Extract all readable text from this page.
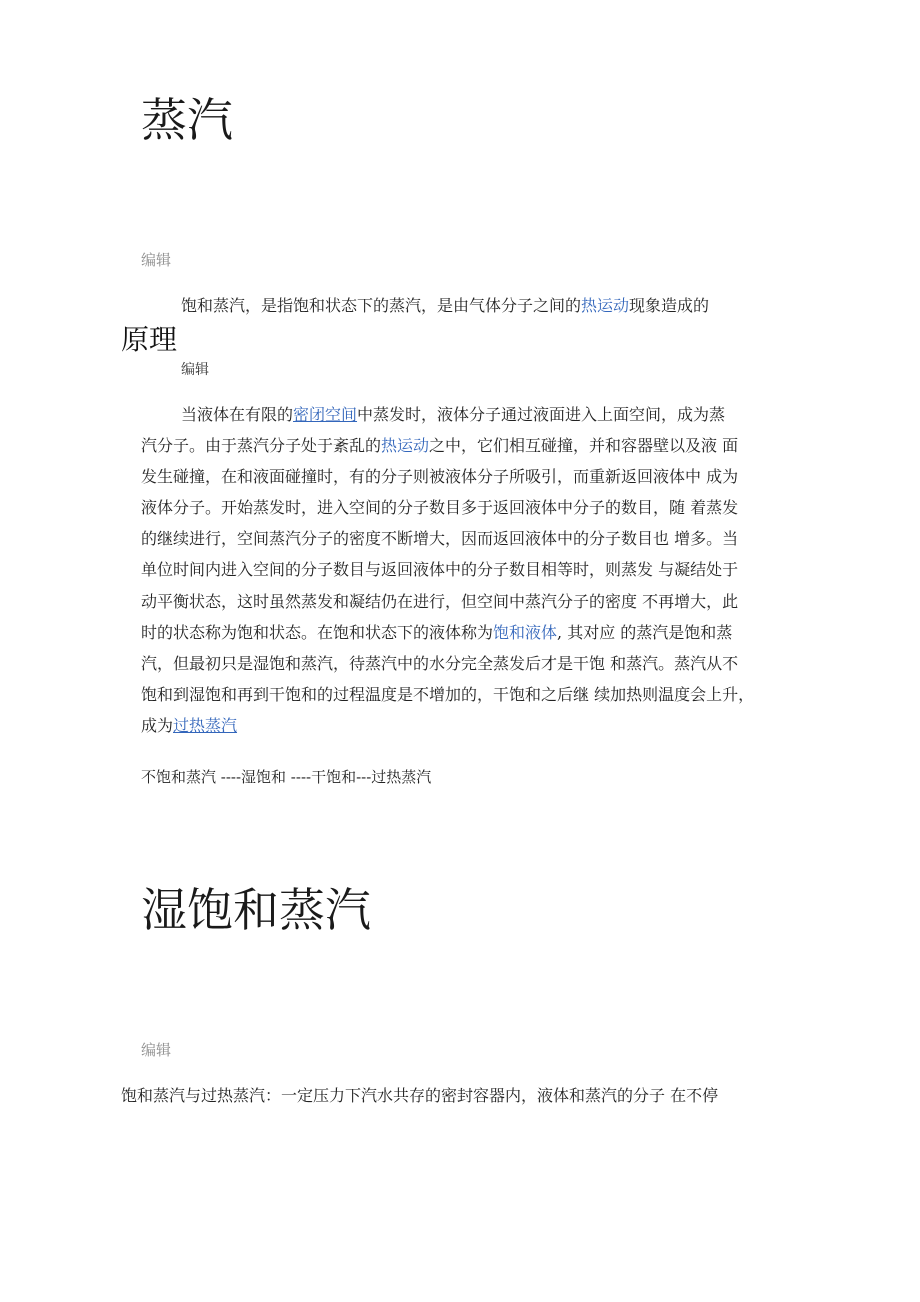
蒸汽
编辑
饱和蒸汽，是指饱和状态下的蒸汽，是由气体分子之间的热运动现象造成的
原理
编辑
当液体在有限的密闭空间中蒸发时，液体分子通过液面进入上面空间，成为蒸
汽分子。由于蒸汽分子处于紊乱的热运动之中，它们相互碰撞，并和容器壁以及液 面
发生碰撞，在和液面碰撞时，有的分子则被液体分子所吸引，而重新返回液体中 成为
液体分子。开始蒸发时，进入空间的分子数目多于返回液体中分子的数目，随 着蒸发
的继续进行，空间蒸汽分子的密度不断增大，因而返回液体中的分子数目也 增多。当
单位时间内进入空间的分子数目与返回液体中的分子数目相等时，则蒸发 与凝结处于
动平衡状态，这时虽然蒸发和凝结仍在进行，但空间中蒸汽分子的密度 不再增大，此
时的状态称为饱和状态。在饱和状态下的液体称为饱和液体, 其对应 的蒸汽是饱和蒸
汽，但最初只是湿饱和蒸汽，待蒸汽中的水分完全蒸发后才是干饱 和蒸汽。蒸汽从不
饱和到湿饱和再到干饱和的过程温度是不增加的，干饱和之后继 续加热则温度会上升，
成为过热蒸汽
不饱和蒸汽 ----湿饱和 ----干饱和---过热蒸汽
湿饱和蒸汽
编辑
饱和蒸汽与过热蒸汽：一定压力下汽水共存的密封容器内，液体和蒸汽的分子 在不停
